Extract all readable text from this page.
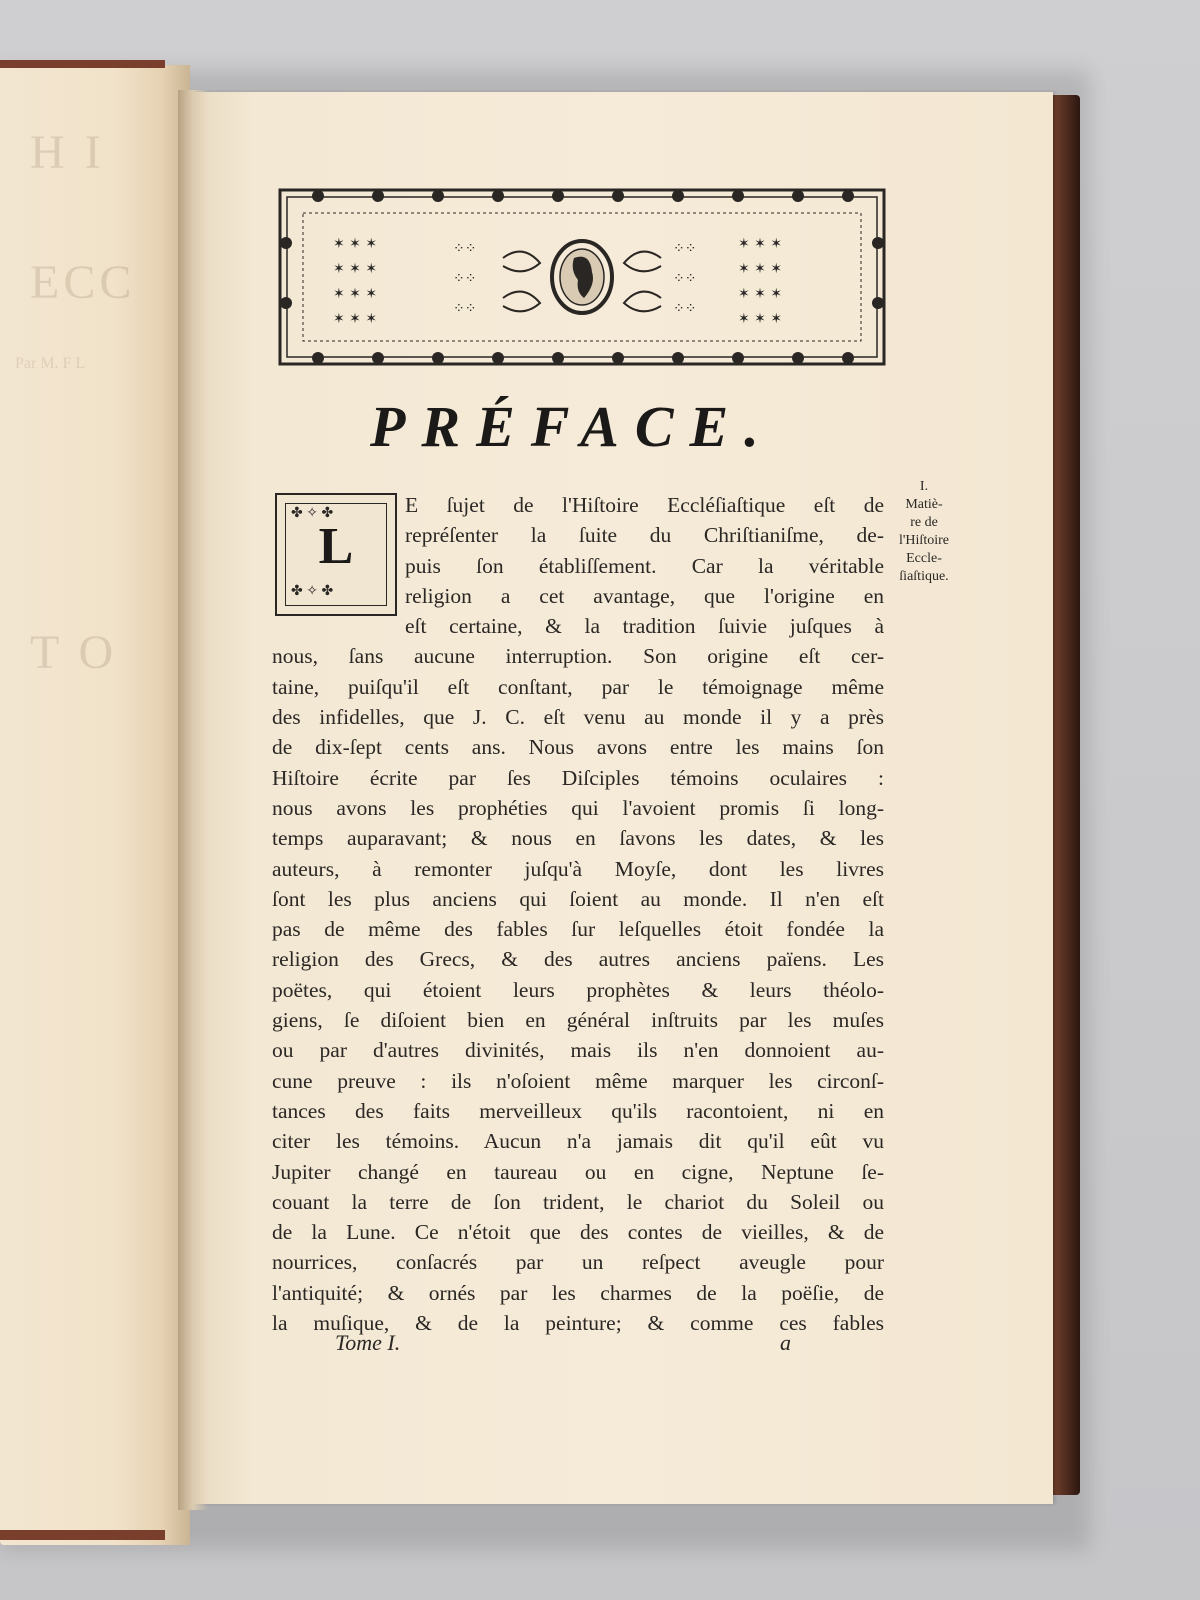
H I
ECC
Par M. F L
T O
✶ ✶ ✶
✶ ✶ ✶
✶ ✶ ✶
✶ ✶ ✶
✶ ✶ ✶
✶ ✶ ✶
✶ ✶ ✶
✶ ✶ ✶
⁘⁘
⁘⁘
⁘⁘
⁘⁘
⁘⁘
⁘⁘
PRÉFACE.
✤ ✧ ✤
✤ ✧ ✤
L
E ſujet de l'Hiſtoire Eccléſiaſtique eſt de
repréſenter la ſuite du Chriſtianiſme, de-
puis ſon établiſſement. Car la véritable
religion a cet avantage, que l'origine en
eſt certaine, & la tradition ſuivie juſques à
nous, ſans aucune interruption. Son origine eſt cer-
taine, puiſqu'il eſt conſtant, par le témoignage même
des infidelles, que J. C. eſt venu au monde il y a près
de dix-ſept cents ans. Nous avons entre les mains ſon
Hiſtoire écrite par ſes Diſciples témoins oculaires :
nous avons les prophéties qui l'avoient promis ſi long-
temps auparavant; & nous en ſavons les dates, & les
auteurs, à remonter juſqu'à Moyſe, dont les livres
ſont les plus anciens qui ſoient au monde. Il n'en eſt
pas de même des fables ſur leſquelles étoit fondée la
religion des Grecs, & des autres anciens païens. Les
poëtes, qui étoient leurs prophètes & leurs théolo-
giens, ſe diſoient bien en général inſtruits par les muſes
ou par d'autres divinités, mais ils n'en donnoient au-
cune preuve : ils n'oſoient même marquer les circonſ-
tances des faits merveilleux qu'ils racontoient, ni en
citer les témoins. Aucun n'a jamais dit qu'il eût vu
Jupiter changé en taureau ou en cigne, Neptune ſe-
couant la terre de ſon trident, le chariot du Soleil ou
de la Lune. Ce n'étoit que des contes de vieilles, & de
nourrices, conſacrés par un reſpect aveugle pour
l'antiquité; & ornés par les charmes de la poëſie, de
la muſique, & de la peinture; & comme ces fables
I.
Matiè-
re de
l'Hiſtoire
Eccle-
ſiaſtique.
Tome I.	a
